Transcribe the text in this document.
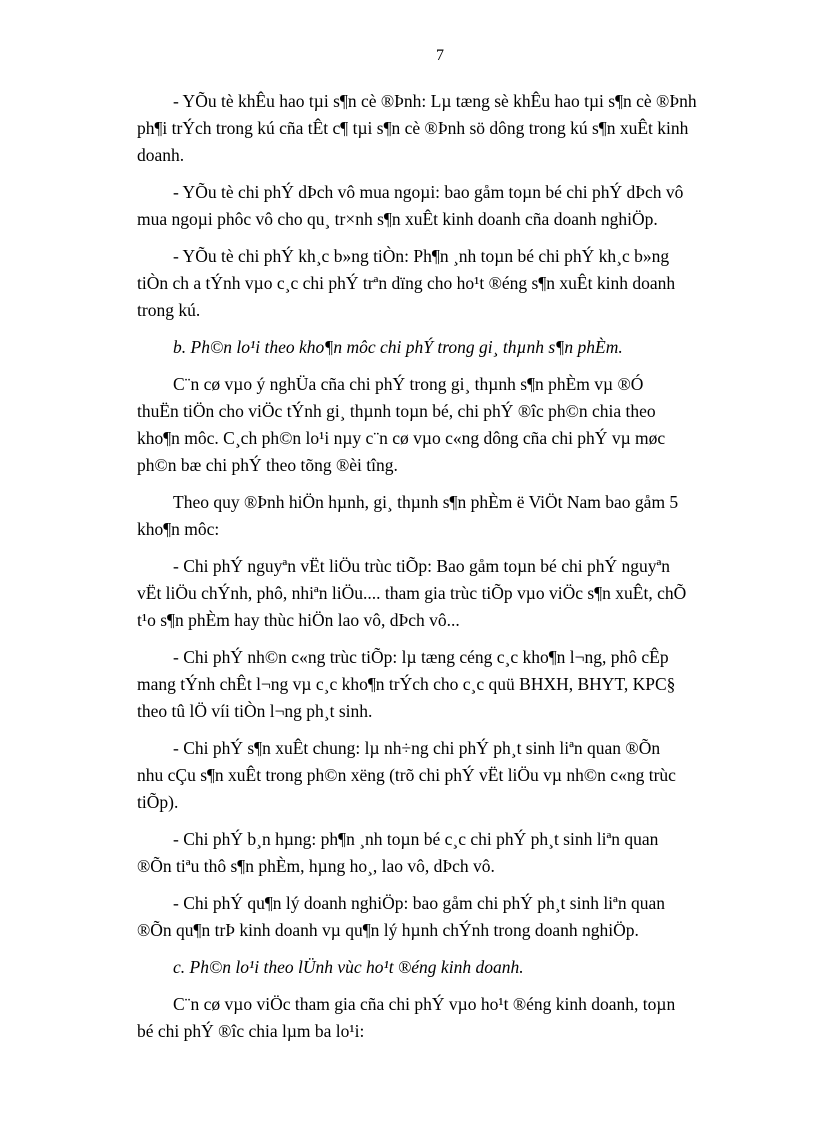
7
- YÕu tè khÊu hao tµi s¶n cè ®Þnh: Lµ tæng sè khÊu hao tµi s¶n cè ®Þnh
ph¶i trÝch trong kú cña tÊt c¶ tµi s¶n cè ®Þnh sö dông trong kú s¶n xuÊt kinh
doanh.
- YÕu tè chi phÝ dÞch vô mua ngoµi: bao gåm toµn bé chi phÝ dÞch vô
mua ngoµi phôc vô cho qu¸ tr×nh s¶n xuÊt kinh doanh cña doanh nghiÖp.
- YÕu tè chi phÝ kh¸c b»ng tiÒn: Ph¶n ¸nh toµn bé chi phÝ kh¸c b»ng
tiÒn ch a tÝnh vµo c¸c chi phÝ trªn dïng cho ho¹t ®éng s¶n xuÊt kinh doanh
trong kú.
b. Ph©n lo¹i theo kho¶n môc chi phÝ trong gi¸ thµnh s¶n phÈm.
C¨n cø vµo ý nghÜa cña chi phÝ trong gi¸ thµnh s¶n phÈm vµ ®Ó
thuËn tiÖn cho viÖc tÝnh gi¸ thµnh toµn bé, chi phÝ ®îc ph©n chia theo
kho¶n môc. C¸ch ph©n lo¹i nµy c¨n cø vµo c«ng dông cña chi phÝ vµ møc
ph©n bæ chi phÝ theo tõng ®èi tîng.
Theo quy ®Þnh hiÖn hµnh, gi¸ thµnh s¶n phÈm ë ViÖt Nam bao gåm 5
kho¶n môc:
- Chi phÝ nguyªn vËt liÖu trùc tiÕp: Bao gåm toµn bé chi phÝ nguyªn
vËt liÖu chÝnh, phô, nhiªn liÖu.... tham gia trùc tiÕp vµo viÖc s¶n xuÊt, chÕ
t¹o s¶n phÈm hay thùc hiÖn lao vô, dÞch vô...
- Chi phÝ nh©n c«ng trùc tiÕp: lµ tæng céng c¸c kho¶n l¬ng, phô cÊp
mang tÝnh chÊt l¬ng vµ c¸c kho¶n trÝch cho c¸c quü BHXH, BHYT, KPC§
theo tû lÖ víi tiÒn l¬ng ph¸t sinh.
- Chi phÝ s¶n xuÊt chung: lµ nh÷ng chi phÝ ph¸t sinh liªn quan ®Õn
nhu cÇu s¶n xuÊt trong ph©n xëng (trõ chi phÝ vËt liÖu vµ nh©n c«ng trùc
tiÕp).
- Chi phÝ b¸n hµng: ph¶n ¸nh toµn bé c¸c chi phÝ ph¸t sinh liªn quan
®Õn tiªu thô s¶n phÈm, hµng ho¸, lao vô, dÞch vô.
- Chi phÝ qu¶n lý doanh nghiÖp: bao gåm chi phÝ ph¸t sinh liªn quan
®Õn qu¶n trÞ kinh doanh vµ qu¶n lý hµnh chÝnh trong doanh nghiÖp.
c. Ph©n lo¹i theo lÜnh vùc ho¹t ®éng kinh doanh.
C¨n cø vµo viÖc tham gia cña chi phÝ vµo ho¹t ®éng kinh doanh, toµn
bé chi phÝ ®îc chia lµm ba lo¹i:
